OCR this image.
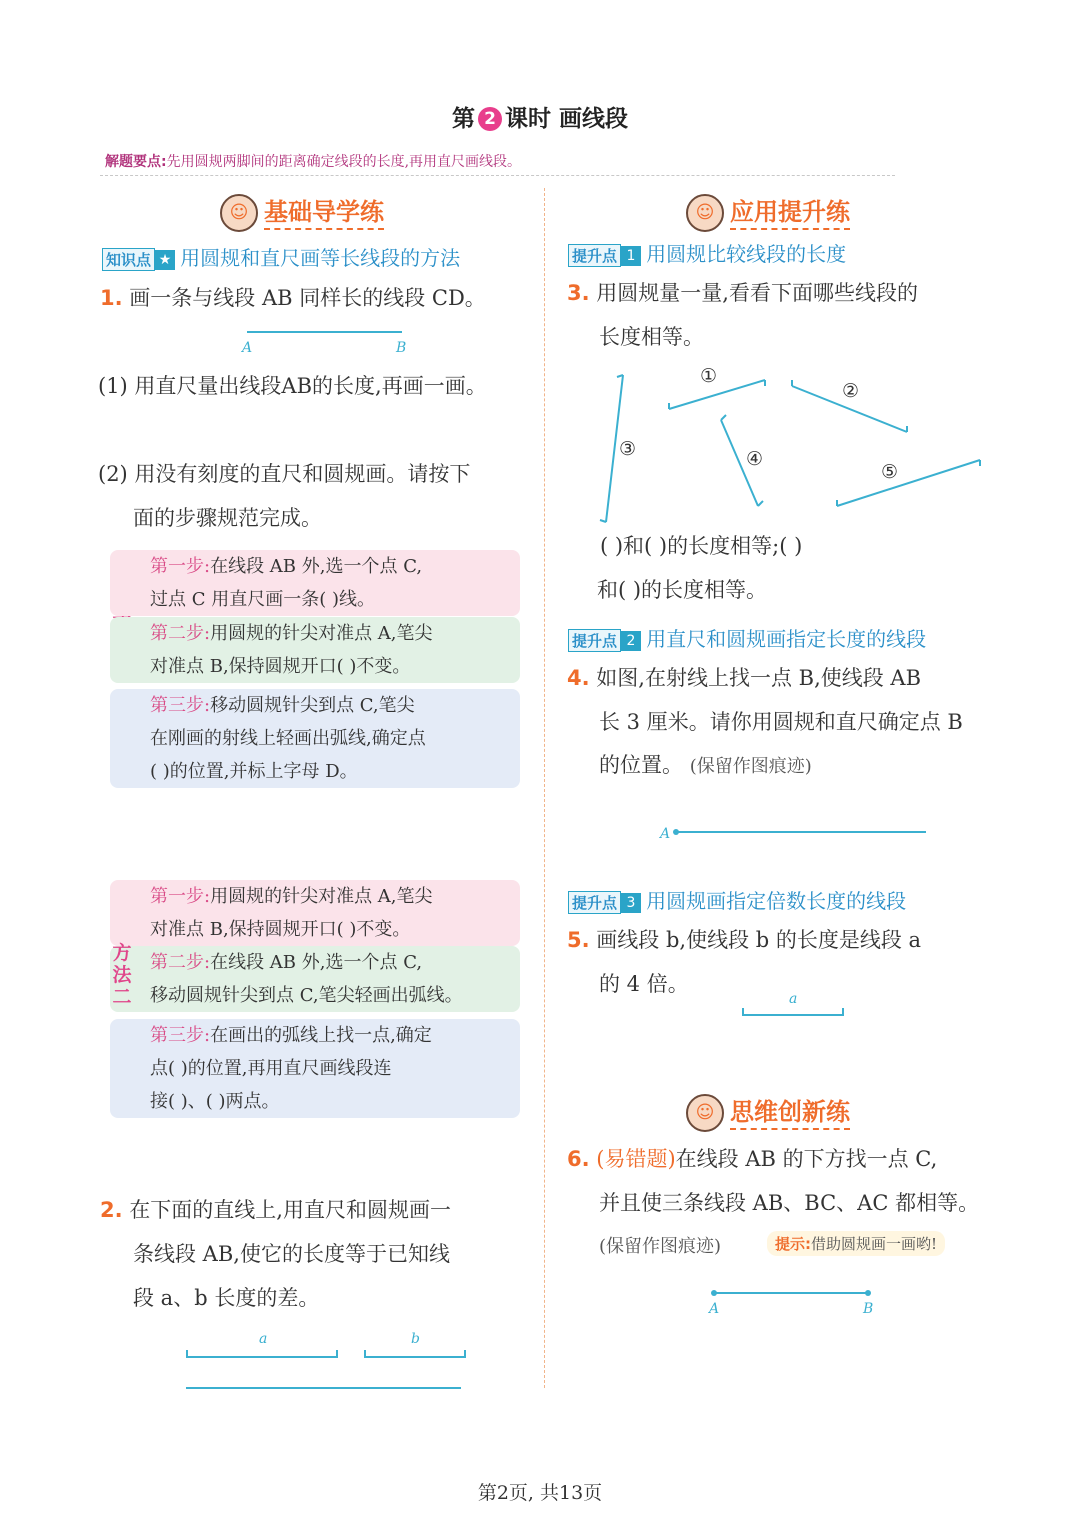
第 2 课时 画线段
解题要点:先用圆规两脚间的距离确定线段的长度,再用直尺画线段。
☺ 基础导学练
知识点 ★ 用圆规和直尺画等长线段的方法
1. 画一条与线段 AB 同样长的线段 CD。
A	B
(1) 用直尺量出线段AB的长度,再画一画。
(2) 用没有刻度的直尺和圆规画。请按下
面的步骤规范完成。
第一步:在线段 AB 外,选一个点 C,
过点 C 用直尺画一条( )线。
第二步:用圆规的针尖对准点 A,笔尖
对准点 B,保持圆规开口( )不变。
第三步:移动圆规针尖到点 C,笔尖
在刚画的射线上轻画出弧线,确定点
( )的位置,并标上字母 D。
第一步:用圆规的针尖对准点 A,笔尖
对准点 B,保持圆规开口( )不变。
第二步:在线段 AB 外,选一个点 C,
移动圆规针尖到点 C,笔尖轻画出弧线。
第三步:在画出的弧线上找一点,确定
点( )的位置,再用直尺画线段连
接( )、( )两点。
方法二
2. 在下面的直线上,用直尺和圆规画一
条线段 AB,使它的长度等于已知线
段 a、b 长度的差。
a	b
☺ 应用提升练
提升点 1 用圆规比较线段的长度
3. 用圆规量一量,看看下面哪些线段的
长度相等。
①
②
③	④
⑤
( )和( )的长度相等;( )
和( )的长度相等。
提升点 2 用直尺和圆规画指定长度的线段
4. 如图,在射线上找一点 B,使线段 AB
长 3 厘米。请你用圆规和直尺确定点 B
的位置。 (保留作图痕迹)
A
提升点 3 用圆规画指定倍数长度的线段
5. 画线段 b,使线段 b 的长度是线段 a
的 4 倍。
a
☺ 思维创新练
6. (易错题)在线段 AB 的下方找一点 C,
并且使三条线段 AB、BC、AC 都相等。
(保留作图痕迹)	提示:借助圆规画一画哟!
A	B
第2页, 共13页
